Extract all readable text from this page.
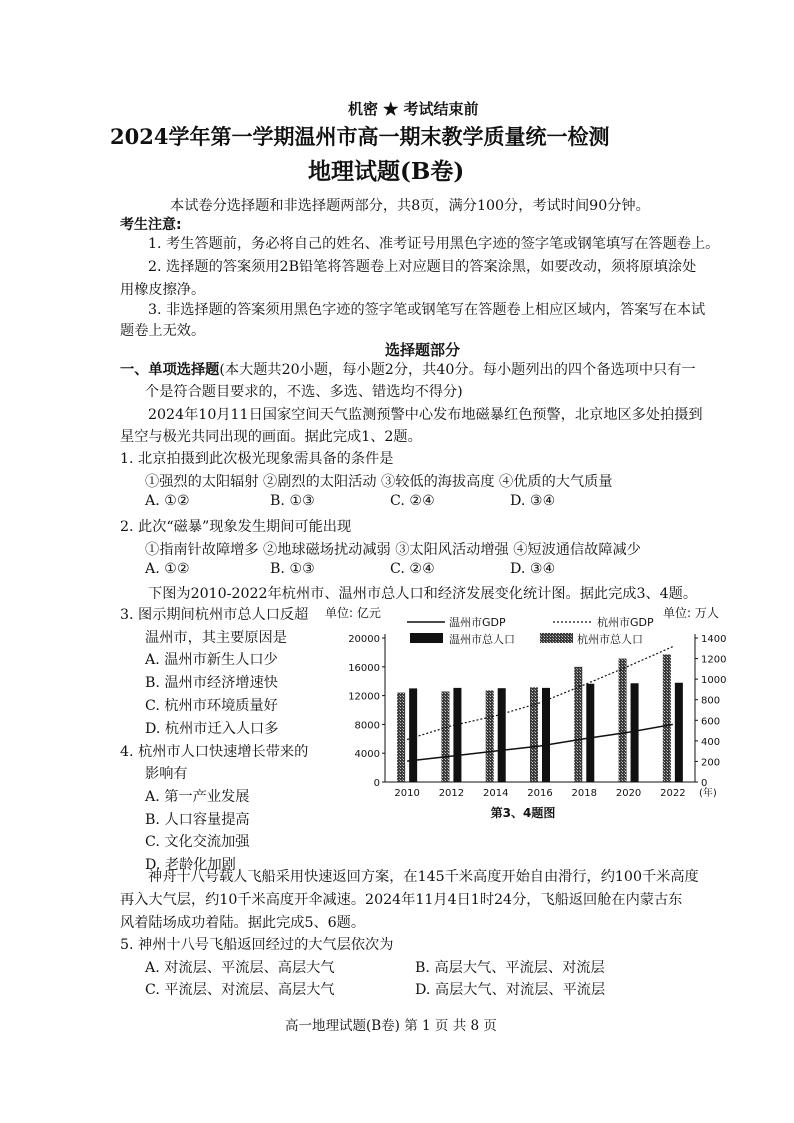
机密 ★ 考试结束前
2024学年第一学期温州市高一期末教学质量统一检测
地理试题(B卷)
本试卷分选择题和非选择题两部分，共8页，满分100分，考试时间90分钟。
考生注意:
1. 考生答题前，务必将自己的姓名、准考证号用黑色字迹的签字笔或钢笔填写在答题卷上。
2. 选择题的答案须用2B铅笔将答题卷上对应题目的答案涂黑，如要改动，须将原填涂处
用橡皮擦净。
3. 非选择题的答案须用黑色字迹的签字笔或钢笔写在答题卷上相应区域内，答案写在本试
题卷上无效。
选择题部分
一、单项选择题(本大题共20小题，每小题2分，共40分。每小题列出的四个备选项中只有一
个是符合题目要求的，不选、多选、错选均不得分)
2024年10月11日国家空间天气监测预警中心发布地磁暴红色预警，北京地区多处拍摄到
星空与极光共同出现的画面。据此完成1、2题。
1. 北京拍摄到此次极光现象需具备的条件是
①强烈的太阳辐射 ②剧烈的太阳活动 ③较低的海拔高度 ④优质的大气质量
A. ①②	B. ①③	C. ②④	D. ③④
2. 此次“磁暴”现象发生期间可能出现
①指南针故障增多 ②地球磁场扰动减弱 ③太阳风活动增强 ④短波通信故障减少
A. ①②	B. ①③	C. ②④	D. ③④
下图为2010-2022年杭州市、温州市总人口和经济发展变化统计图。据此完成3、4题。
3. 图示期间杭州市总人口反超
温州市，其主要原因是
A. 温州市新生人口少
B. 温州市经济增速快
C. 杭州市环境质量好
D. 杭州市迁入人口多
4. 杭州市人口快速增长带来的
影响有
A. 第一产业发展
B. 人口容量提高
C. 文化交流加强
D. 老龄化加剧
单位: 亿元	单位: 万人
温州市GDP	杭州市GDP
温州市总人口	杭州市总人口
0
4000
8000
12000
16000
20000
0
200
400
600
800
1000
1200
1400
2010 2012 2014 2016 2018 2020 2022 (年)
第3、4题图
神舟十八号载人飞船采用快速返回方案，在145千米高度开始自由滑行，约100千米高度
再入大气层，约10千米高度开伞减速。2024年11月4日1时24分，飞船返回舱在内蒙古东
风着陆场成功着陆。据此完成5、6题。
5. 神州十八号飞船返回经过的大气层依次为
A. 对流层、平流层、高层大气	B. 高层大气、平流层、对流层
C. 平流层、对流层、高层大气	D. 高层大气、对流层、平流层
高一地理试题(B卷) 第 1 页 共 8 页
